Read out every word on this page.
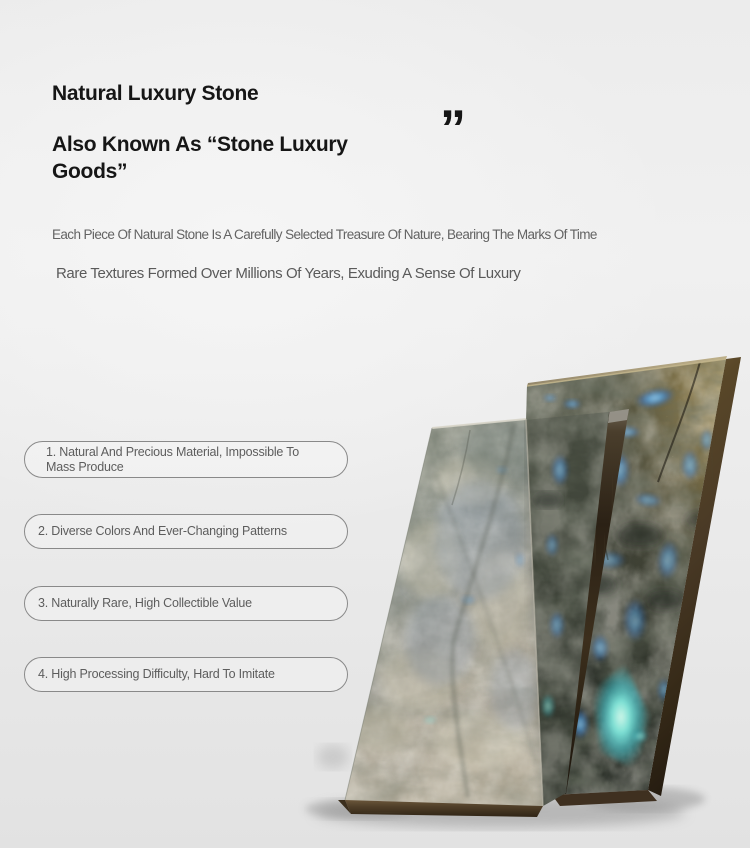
Natural Luxury Stone
Also Known As “Stone Luxury Goods”
”

Each Piece Of Natural Stone Is A Carefully Selected Treasure Of Nature, Bearing The Marks Of Time

Rare Textures Formed Over Millions Of Years, Exuding A Sense Of Luxury

1. Natural And Precious Material, Impossible To Mass Produce
2. Diverse Colors And Ever-Changing Patterns
3. Naturally Rare, High Collectible Value
4. High Processing Difficulty, Hard To Imitate
